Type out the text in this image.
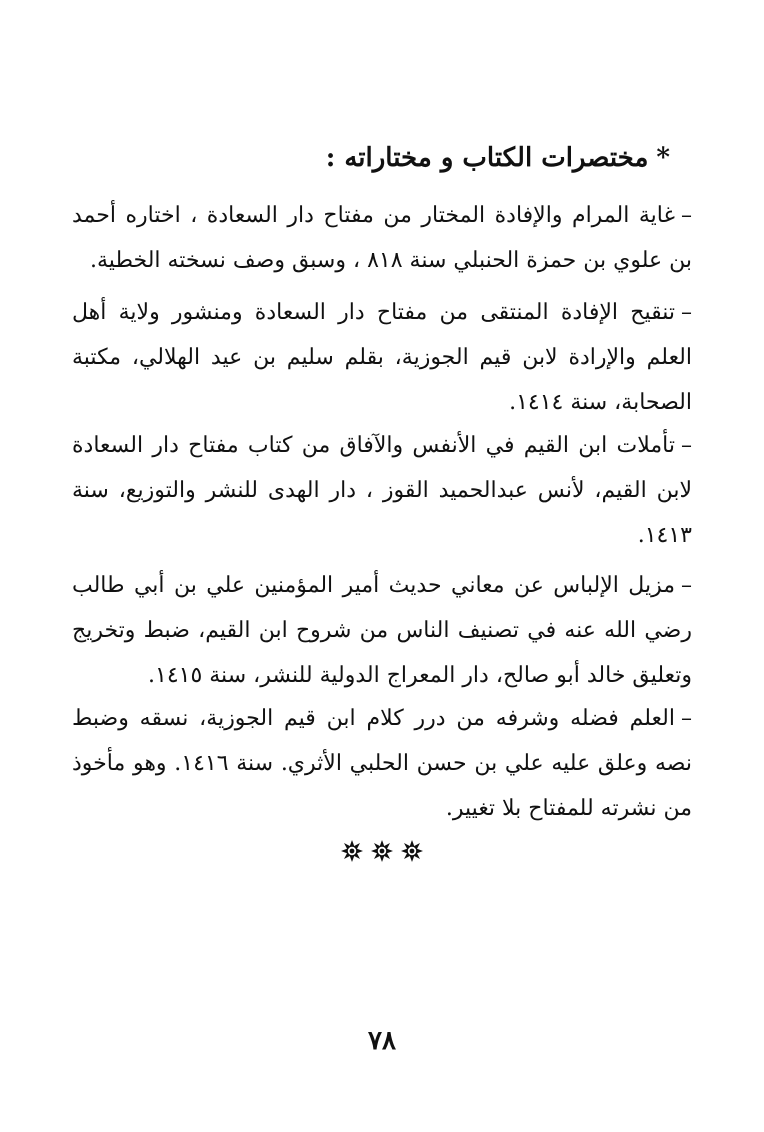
*مختصرات الكتاب و مختاراته :

–غاية المرام والإفادة المختار من مفتاح دار السعادة ، اختاره أحمد بن علوي بن حمزة الحنبلي سنة ٨١٨ ، وسبق وصف نسخته الخطية.

–تنقيح الإفادة المنتقى من مفتاح دار السعادة ومنشور ولاية أهل العلم والإرادة لابن قيم الجوزية، بقلم سليم بن عيد الهلالي، مكتبة الصحابة، سنة ١٤١٤.

–تأملات ابن القيم في الأنفس والآفاق من كتاب مفتاح دار السعادة لابن القيم، لأنس عبدالحميد القوز ، دار الهدى للنشر والتوزيع، سنة ١٤١٣.

–مزيل الإلباس عن معاني حديث أمير المؤمنين علي بن أبي طالب رضي الله عنه في تصنيف الناس من شروح ابن القيم، ضبط وتخريج وتعليق خالد أبو صالح، دار المعراج الدولية للنشر، سنة ١٤١٥.

–العلم فضله وشرفه من درر كلام ابن قيم الجوزية، نسقه وضبط نصه وعلق عليه علي بن حسن الحلبي الأثري. سنة ١٤١٦. وهو مأخوذ من نشرته للمفتاح بلا تغيير.

٧٨
